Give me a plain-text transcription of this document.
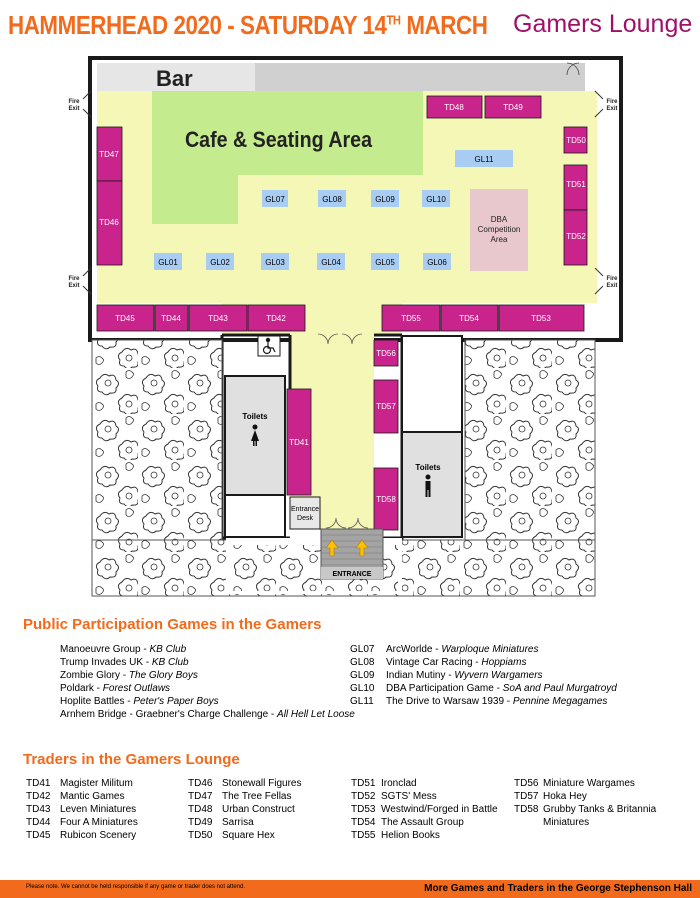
HAMMERHEAD 2020 - SATURDAY 14TH MARCH Gamers Lounge
Bar
Cafe & Seating Area
DBA
Competition
Area
Fire
Exit
Fire
Exit
Fire
Exit
Fire
Exit
GL07	GL08	GL09	GL10
GL11
GL01	GL02	GL03	GL04	GL05	GL06
TD47
TD46
TD48	TD49
TD50
TD51
TD52
TD45	TD44	TD43	TD42	TD55	TD54	TD53
TD56
TD57
TD41
TD58
Toilets
Toilets
Entrance
Desk
ENTRANCE
Public Participation Games in the Gamers
Manoeuvre Group - KB Club
Trump Invades UK - KB Club
Zombie Glory - The Glory Boys
Poldark - Forest Outlaws
Hoplite Battles - Peter's Paper Boys
Arnhem Bridge - Graebner's Charge Challenge - All Hell Let Loose
GL07 ArcWorlde - Warploque Miniatures
GL08 Vintage Car Racing - Hoppiams
GL09 Indian Mutiny - Wyvern Wargamers
GL10 DBA Participation Game - SoA and Paul Murgatroyd
GL11 The Drive to Warsaw 1939 - Pennine Megagames
Traders in the Gamers Lounge
TD41 Magister Militum
TD42 Mantic Games
TD43 Leven Miniatures
TD44 Four A Miniatures
TD45 Rubicon Scenery
TD46 Stonewall Figures
TD47 The Tree Fellas
TD48 Urban Construct
TD49 Sarrisa
TD50 Square Hex
TD51 Ironclad
TD52 SGTS' Mess
TD53 Westwind/Forged in Battle
TD54 The Assault Group
TD55 Helion Books
TD56 Miniature Wargames
TD57 Hoka Hey
TD58 Grubby Tanks & Britannia
Miniatures
Please note. We cannot be held responsible if any game or trader does not attend.	More Games and Traders in the George Stephenson Hall
